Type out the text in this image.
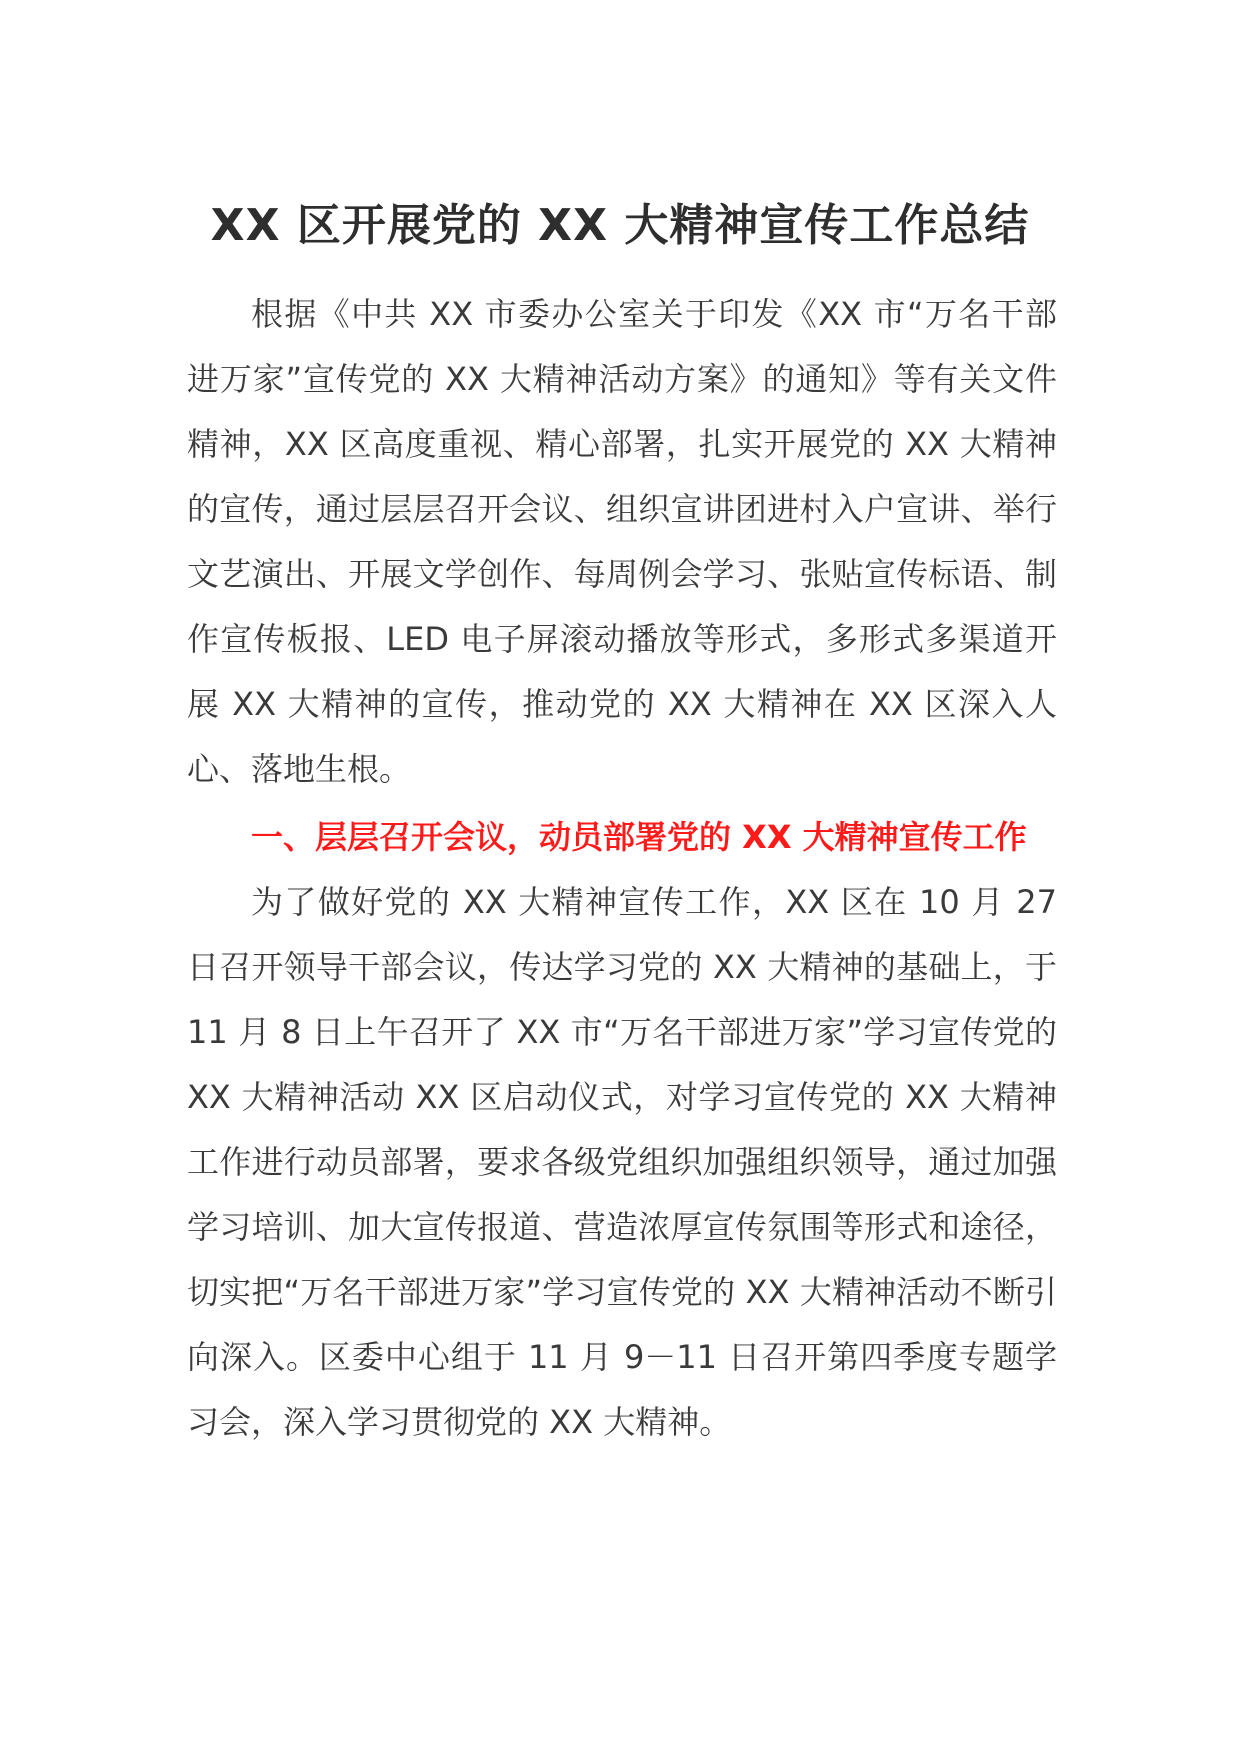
XX 区开展党的 XX 大精神宣传工作总结

根据《中共 XX 市委办公室关于印发《XX 市“万名干部进万家”宣传党的 XX 大精神活动方案》的通知》等有关文件精神，XX 区高度重视、精心部署，扎实开展党的 XX 大精神的宣传，通过层层召开会议、组织宣讲团进村入户宣讲、举行文艺演出、开展文学创作、每周例会学习、张贴宣传标语、制作宣传板报、LED 电子屏滚动播放等形式，多形式多渠道开展 XX 大精神的宣传，推动党的 XX 大精神在 XX 区深入人心、落地生根。

一、层层召开会议，动员部署党的 XX 大精神宣传工作

为了做好党的 XX 大精神宣传工作，XX 区在 10 月 27 日召开领导干部会议，传达学习党的 XX 大精神的基础上，于 11 月 8 日上午召开了 XX 市“万名干部进万家”学习宣传党的 XX 大精神活动 XX 区启动仪式，对学习宣传党的 XX 大精神工作进行动员部署，要求各级党组织加强组织领导，通过加强学习培训、加大宣传报道、营造浓厚宣传氛围等形式和途径，切实把“万名干部进万家”学习宣传党的 XX 大精神活动不断引向深入。区委中心组于 11 月 9－11 日召开第四季度专题学习会，深入学习贯彻党的 XX 大精神。
